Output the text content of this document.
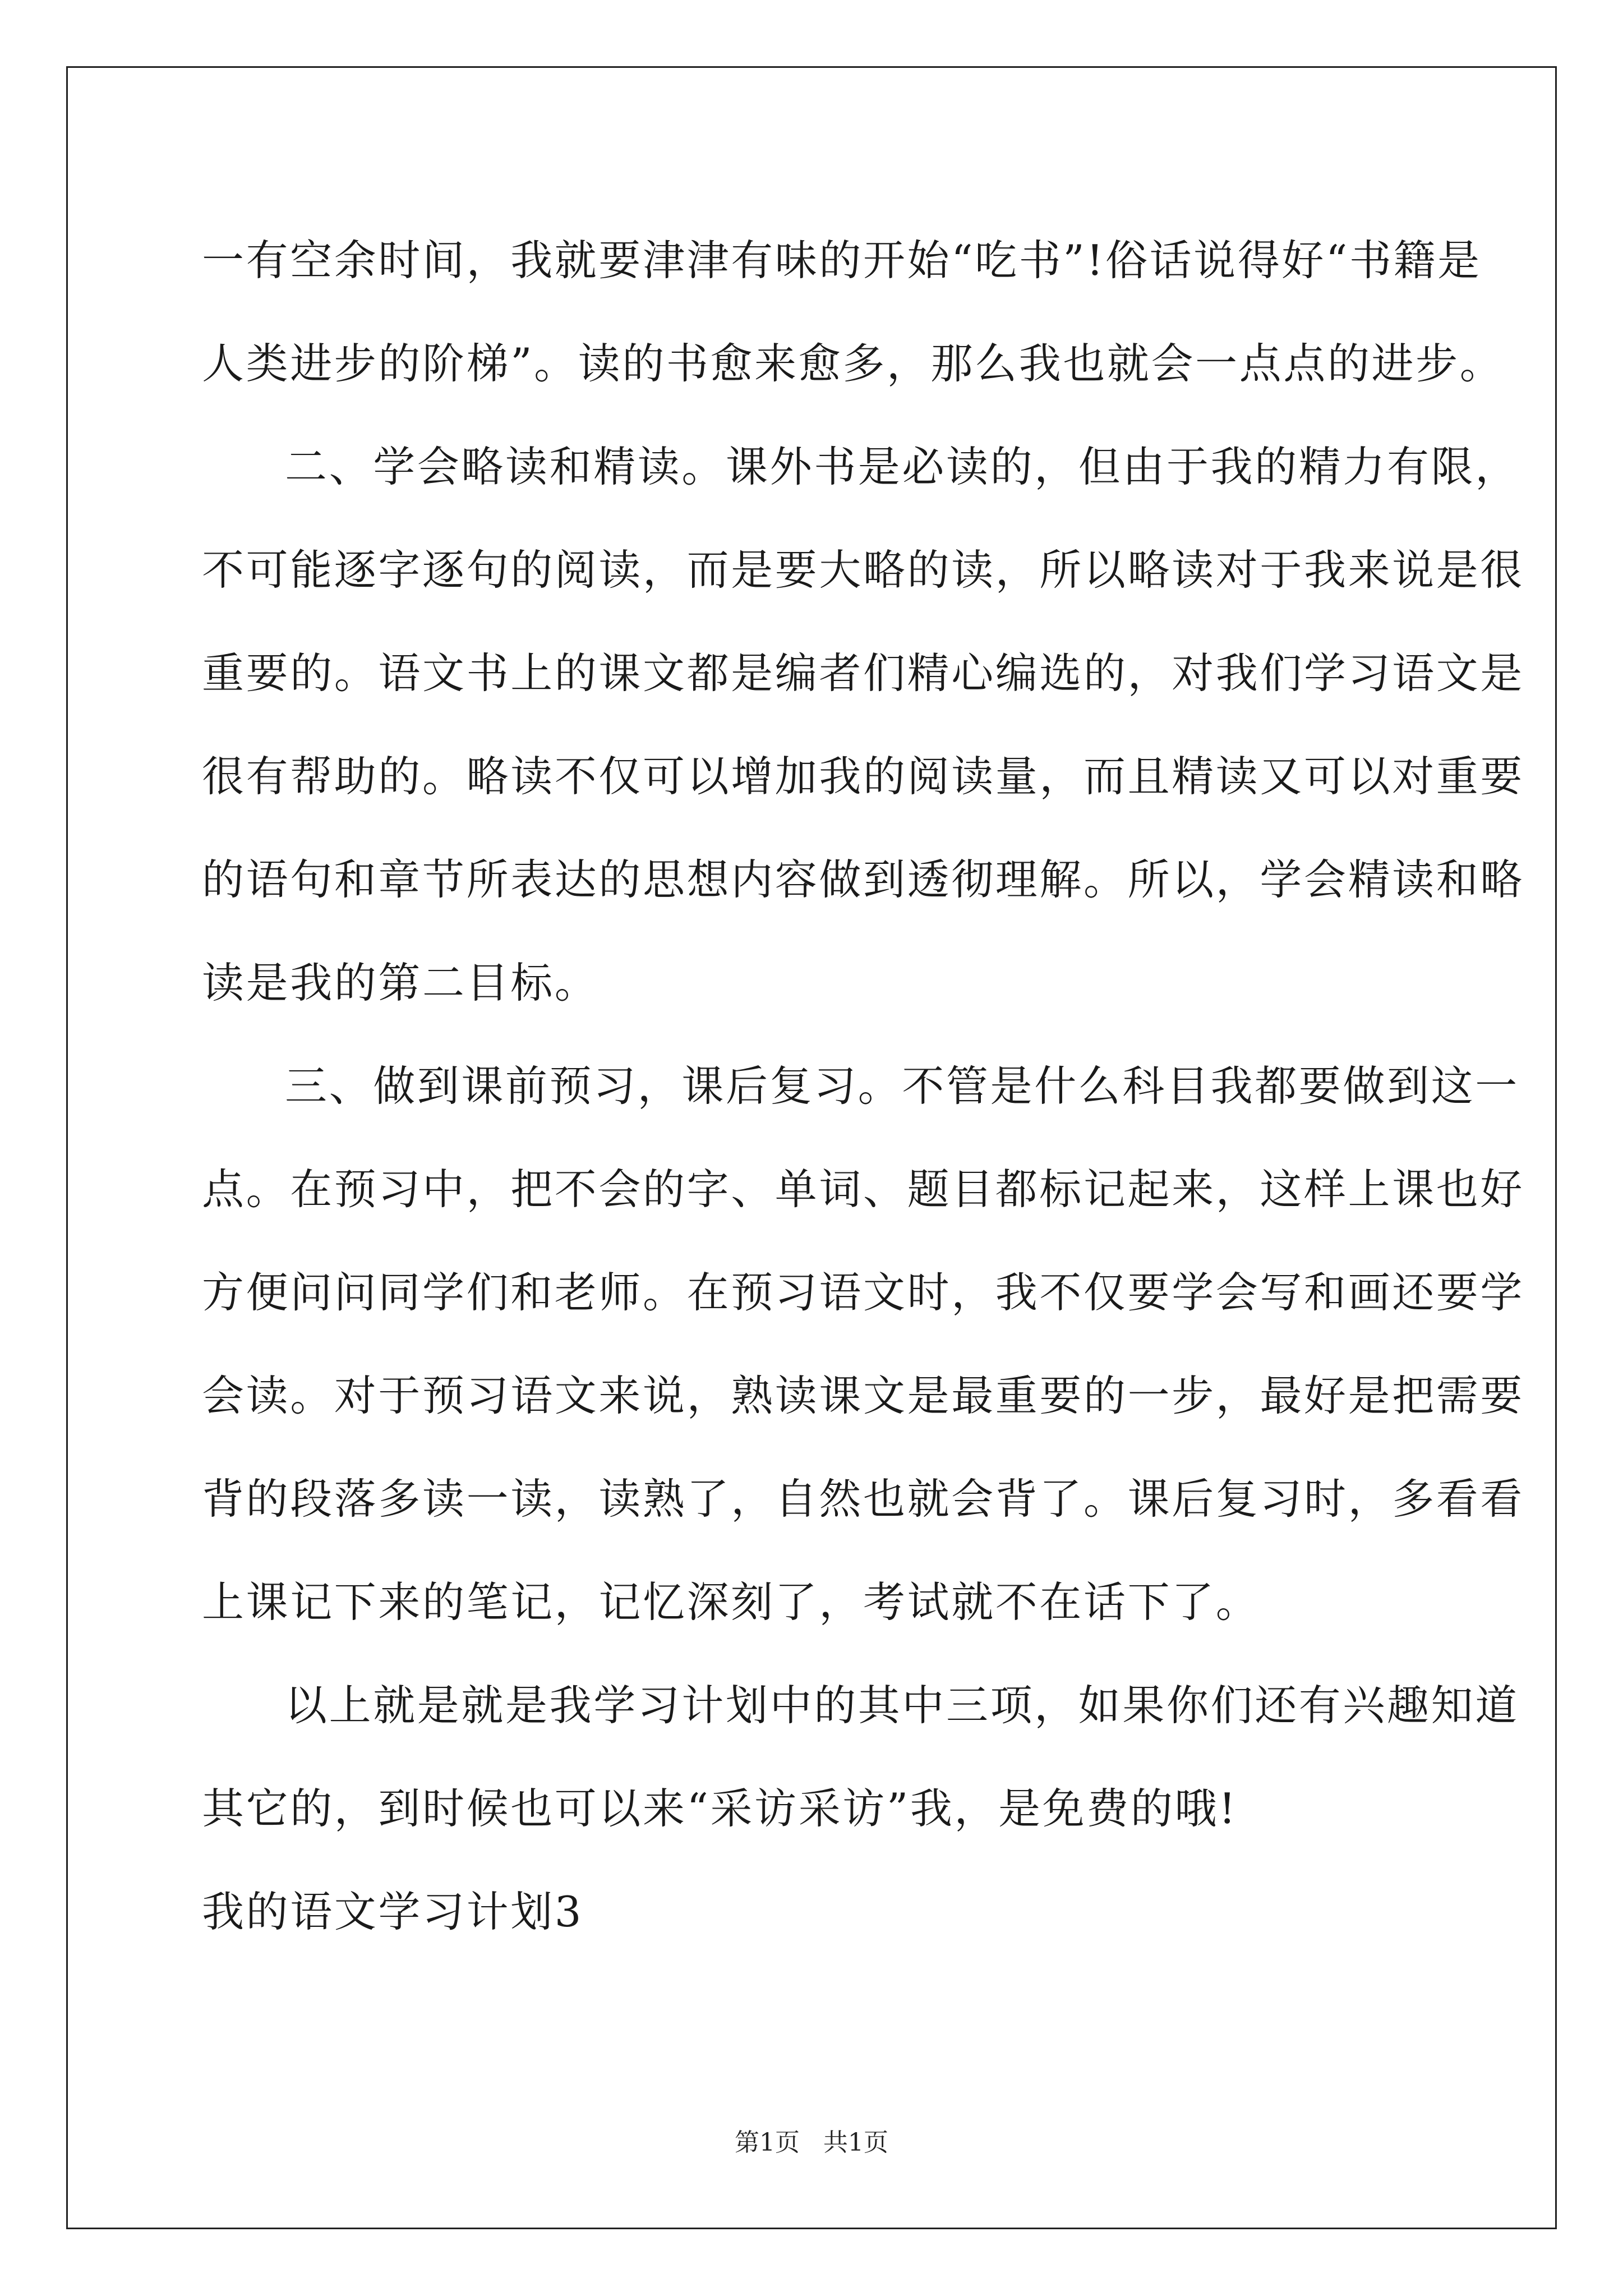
一有空余时间，我就要津津有味的开始“吃书”!俗话说得好“书籍是
人类进步的阶梯”。读的书愈来愈多，那么我也就会一点点的进步。
二、学会略读和精读。课外书是必读的，但由于我的精力有限，
不可能逐字逐句的阅读，而是要大略的读，所以略读对于我来说是很
重要的。语文书上的课文都是编者们精心编选的，对我们学习语文是
很有帮助的。略读不仅可以增加我的阅读量，而且精读又可以对重要
的语句和章节所表达的思想内容做到透彻理解。所以，学会精读和略
读是我的第二目标。
三、做到课前预习，课后复习。不管是什么科目我都要做到这一
点。在预习中，把不会的字、单词、题目都标记起来，这样上课也好
方便问问同学们和老师。在预习语文时，我不仅要学会写和画还要学
会读。对于预习语文来说，熟读课文是最重要的一步，最好是把需要
背的段落多读一读，读熟了，自然也就会背了。课后复习时，多看看
上课记下来的笔记，记忆深刻了，考试就不在话下了。
以上就是就是我学习计划中的其中三项，如果你们还有兴趣知道
其它的，到时候也可以来“采访采访”我，是免费的哦!
我的语文学习计划3
第1页 共1页
